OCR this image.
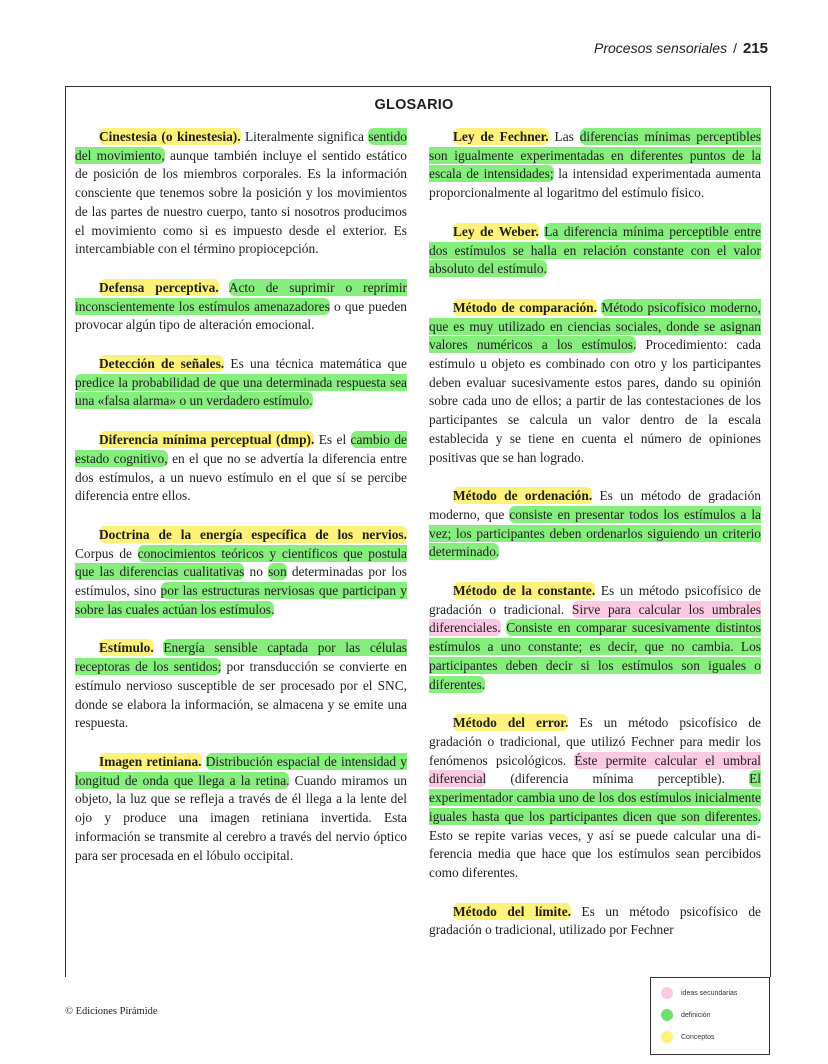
Procesos sensoriales / 215
GLOSARIO

Cinestesia (o kinestesia). Literalmente significa sentido del movimiento, aunque también incluye el sentido estático de posición de los miembros corporales. Es la información consciente que tenemos sobre la posición y los movimientos de las partes de nuestro cuerpo, tanto si nosotros producimos el movimiento como si es impuesto desde el exterior. Es intercambiable con el término propiocepción.

Defensa perceptiva. Acto de suprimir o reprimir inconscientemente los estímulos amenazadores o que pueden provocar algún tipo de alteración emocional.

Detección de señales. Es una técnica matemática que predice la probabilidad de que una determinada respuesta sea una «falsa alarma» o un verdadero estímulo.

Diferencia mínima perceptual (dmp). Es el cambio de estado cognitivo, en el que no se advertía la diferencia entre dos estímulos, a un nuevo estímulo en el que sí se percibe diferencia entre ellos.

Doctrina de la energía específica de los nervios. Corpus de conocimientos teóricos y científicos que postula que las diferencias cualitativas no son determinadas por los estímulos, sino por las estructuras nerviosas que participan y sobre las cuales actúan los estímulos.

Estímulo. Energía sensible captada por las células receptoras de los sentidos; por transducción se convierte en estímulo nervioso susceptible de ser procesado por el SNC, donde se elabora la información, se almacena y se emite una respuesta.

Imagen retiniana. Distribución espacial de intensidad y longitud de onda que llega a la retina. Cuando miramos un objeto, la luz que se refleja a través de él llega a la lente del ojo y produce una imagen retiniana invertida. Esta información se transmite al cerebro a través del nervio óptico para ser procesada en el lóbulo occipital.

Ley de Fechner. Las diferencias mínimas perceptibles son igualmente experimentadas en diferentes puntos de la escala de intensidades; la intensidad experimentada aumenta proporcionalmente al logaritmo del estímulo físico.

Ley de Weber. La diferencia mínima perceptible entre dos estímulos se halla en relación constante con el valor absoluto del estímulo.

Método de comparación. Método psicofísico moderno, que es muy utilizado en ciencias sociales, donde se asignan valores numéricos a los estímulos. Procedimiento: cada estímulo u objeto es combinado con otro y los participantes deben evaluar sucesivamente estos pares, dando su opinión sobre cada uno de ellos; a partir de las contestaciones de los participantes se calcula un valor dentro de la escala establecida y se tiene en cuenta el número de opiniones positivas que se han logrado.

Método de ordenación. Es un método de gradación moderno, que consiste en presentar todos los estímulos a la vez; los participantes deben ordenarlos siguiendo un criterio determinado.

Método de la constante. Es un método psicofísico de gradación o tradicional. Sirve para calcular los umbrales diferenciales. Consiste en comparar sucesivamente distintos estímulos a uno constante; es decir, que no cambia. Los participantes deben decir si los estímulos son iguales o diferentes.

Método del error. Es un método psicofísico de gradación o tradicional, que utilizó Fechner para medir los fenómenos psicológicos. Éste permite calcular el umbral diferencial (diferencia mínima perceptible). El experimentador cambia uno de los dos estímulos inicialmente iguales hasta que los participantes dicen que son diferentes. Esto se repite varias veces, y así se puede calcular una diferencia media que hace que los estímulos sean percibidos como diferentes.

Método del límite. Es un método psicofísico de gradación o tradicional, utilizado por Fechner

© Ediciones Pirámide
ideas secundarias
definición
Conceptos
